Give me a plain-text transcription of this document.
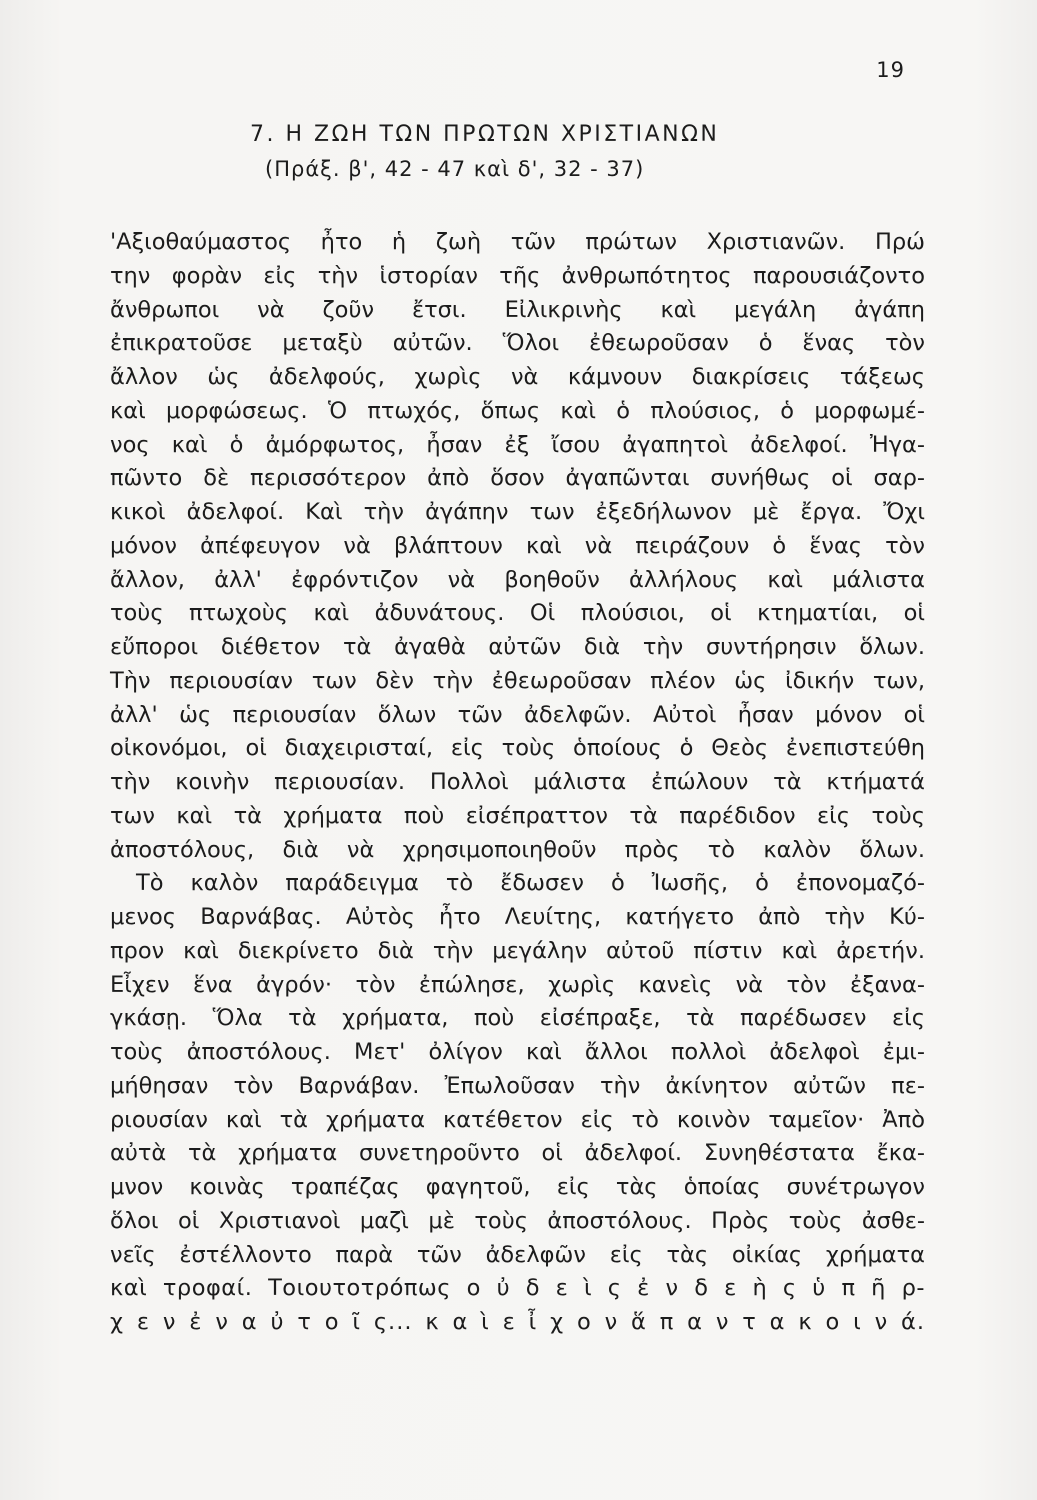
19
7. Η ΖΩΗ ΤΩΝ ΠΡΩΤΩΝ ΧΡΙΣΤΙΑΝΩΝ
(Πράξ. β', 42 - 47 καὶ δ', 32 - 37)
'Αξιοθαύμαστος ἦτο ἡ ζωὴ τῶν πρώτων Χριστιανῶν. Πρώ
την φορὰν εἰς τὴν ἱστορίαν τῆς ἀνθρωπότητος παρουσιάζοντο
ἄνθρωποι νὰ ζοῦν ἔτσι. Εἰλικρινὴς καὶ μεγάλη ἀγάπη
ἐπικρατοῦσε μεταξὺ αὐτῶν. Ὅλοι ἐθεωροῦσαν ὁ ἕνας τὸν
ἄλλον ὡς ἀδελφούς, χωρὶς νὰ κάμνουν διακρίσεις τάξεως
καὶ μορφώσεως. Ὁ πτωχός, ὅπως καὶ ὁ πλούσιος, ὁ μορφωμέ-
νος καὶ ὁ ἀμόρφωτος, ἦσαν ἐξ ἴσου ἀγαπητοὶ ἀδελφοί. Ἠγα-
πῶντο δὲ περισσότερον ἀπὸ ὅσον ἀγαπῶνται συνήθως οἱ σαρ-
κικοὶ ἀδελφοί. Καὶ τὴν ἀγάπην των ἐξεδήλωνον μὲ ἔργα. Ὄχι
μόνον ἀπέφευγον νὰ βλάπτουν καὶ νὰ πειράζουν ὁ ἕνας τὸν
ἄλλον, ἀλλ' ἐφρόντιζον νὰ βοηθοῦν ἀλλήλους καὶ μάλιστα
τοὺς πτωχοὺς καὶ ἀδυνάτους. Οἱ πλούσιοι, οἱ κτηματίαι, οἱ
εὔποροι διέθετον τὰ ἀγαθὰ αὐτῶν διὰ τὴν συντήρησιν ὅλων.
Τὴν περιουσίαν των δὲν τὴν ἐθεωροῦσαν πλέον ὡς ἰδικήν των,
ἀλλ' ὡς περιουσίαν ὅλων τῶν ἀδελφῶν. Αὐτοὶ ἦσαν μόνον οἱ
οἰκονόμοι, οἱ διαχειρισταί, εἰς τοὺς ὁποίους ὁ Θεὸς ἐνεπιστεύθη
τὴν κοινὴν περιουσίαν. Πολλοὶ μάλιστα ἐπώλουν τὰ κτήματά
των καὶ τὰ χρήματα ποὺ εἰσέπραττον τὰ παρέδιδον εἰς τοὺς
ἀποστόλους, διὰ νὰ χρησιμοποιηθοῦν πρὸς τὸ καλὸν ὅλων.
Τὸ καλὸν παράδειγμα τὸ ἔδωσεν ὁ Ἰωσῆς, ὁ ἐπονομαζό-
μενος Βαρνάβας. Αὐτὸς ἦτο Λευίτης, κατήγετο ἀπὸ τὴν Κύ-
προν καὶ διεκρίνετο διὰ τὴν μεγάλην αὐτοῦ πίστιν καὶ ἀρετήν.
Εἶχεν ἕνα ἀγρόν· τὸν ἐπώλησε, χωρὶς κανεὶς νὰ τὸν ἐξανα-
γκάσῃ. Ὅλα τὰ χρήματα, ποὺ εἰσέπραξε, τὰ παρέδωσεν εἰς
τοὺς ἀποστόλους. Μετ' ὀλίγον καὶ ἄλλοι πολλοὶ ἀδελφοὶ ἐμι-
μήθησαν τὸν Βαρνάβαν. Ἐπωλοῦσαν τὴν ἀκίνητον αὐτῶν πε-
ριουσίαν καὶ τὰ χρήματα κατέθετον εἰς τὸ κοινὸν ταμεῖον· Ἀπὸ
αὐτὰ τὰ χρήματα συνετηροῦντο οἱ ἀδελφοί. Συνηθέστατα ἔκα-
μνον κοινὰς τραπέζας φαγητοῦ, εἰς τὰς ὁποίας συνέτρωγον
ὅλοι οἱ Χριστιανοὶ μαζὶ μὲ τοὺς ἀποστόλους. Πρὸς τοὺς ἀσθε-
νεῖς ἐστέλλοντο παρὰ τῶν ἀδελφῶν εἰς τὰς οἰκίας χρήματα
καὶ τροφαί. Τοιουτοτρόπως ο ὐ δ ε ὶ ς ἐ ν δ ε ὴ ς ὑ π ῆ ρ-
χ ε ν ἐ ν α ὐ τ ο ῖ ς... κ α ὶ ε ἶ χ ο ν ἅ π α ν τ α κ ο ι ν ά.
